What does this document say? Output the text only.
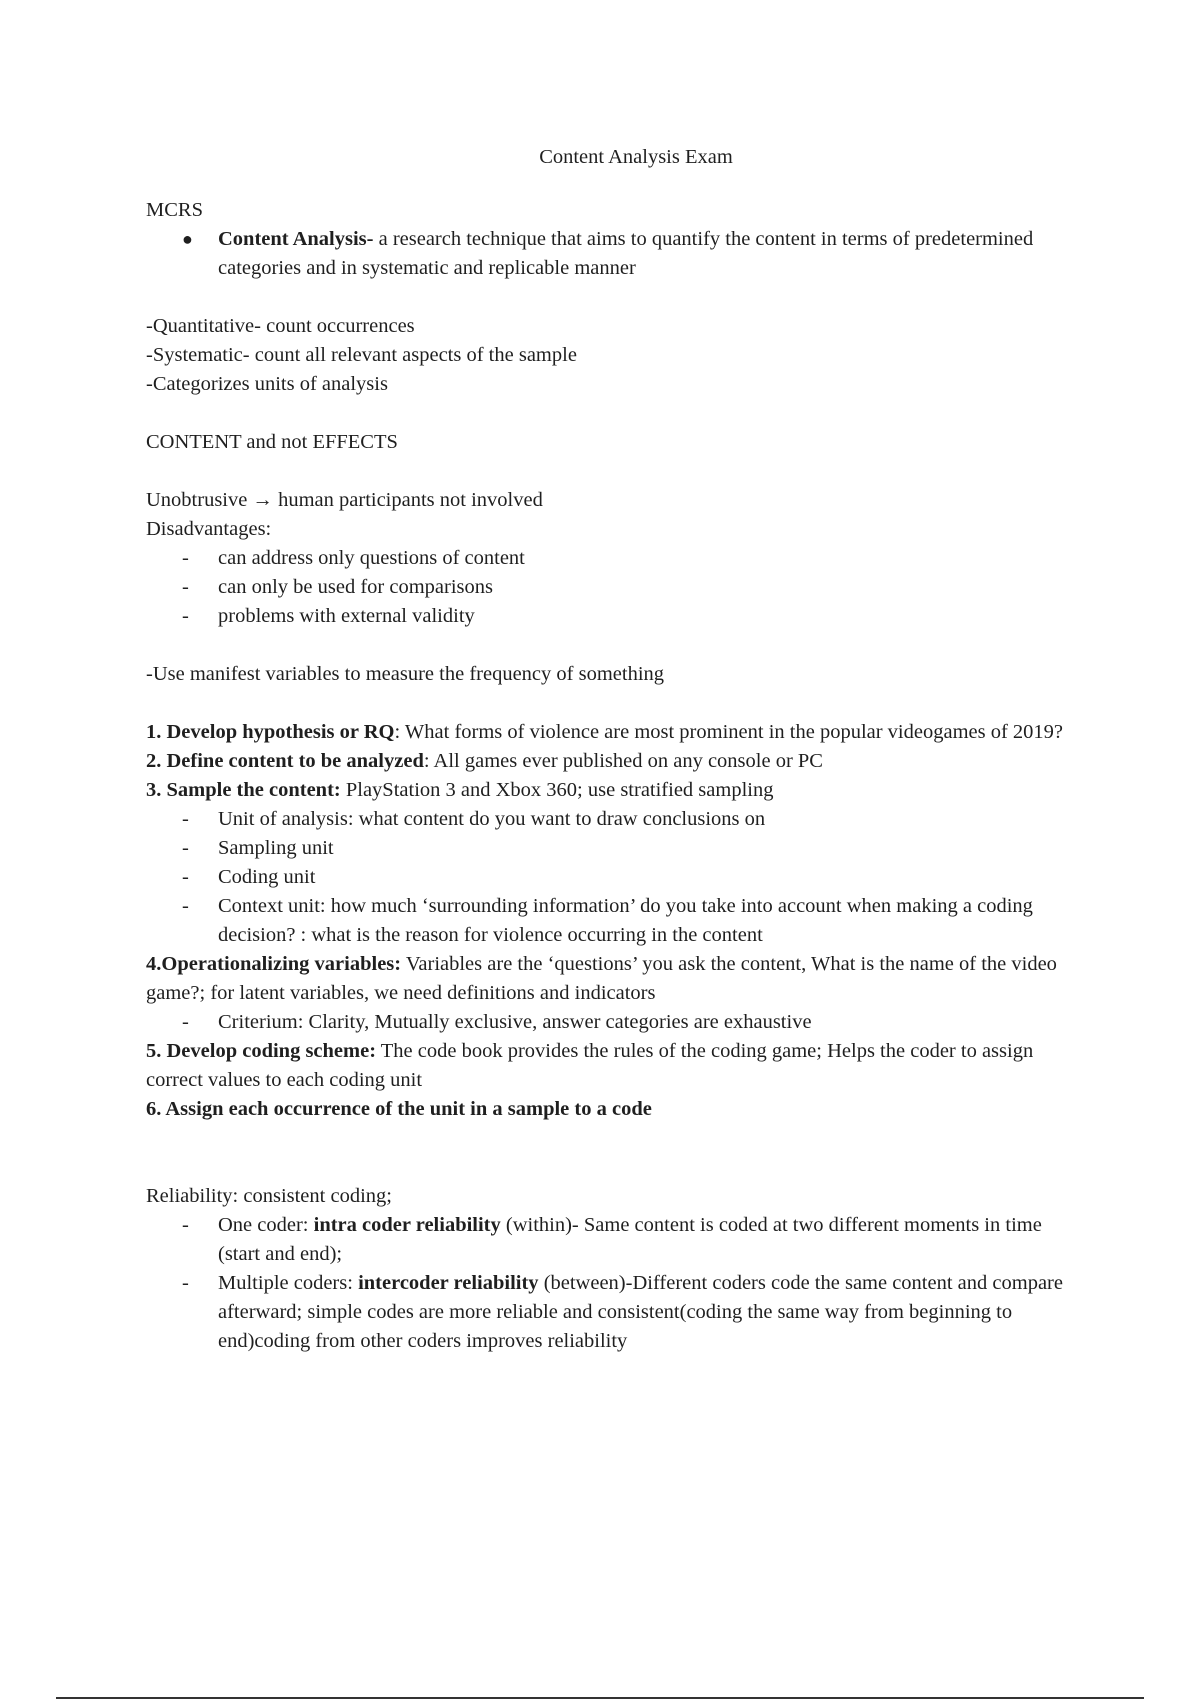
Content Analysis Exam

MCRS

● Content Analysis- a research technique that aims to quantify the content in terms of predetermined categories and in systematic and replicable manner

-Quantitative- count occurrences

-Systematic- count all relevant aspects of the sample

-Categorizes units of analysis

CONTENT and not EFFECTS

Unobtrusive → human participants not involved

Disadvantages:

- can address only questions of content
- can only be used for comparisons
- problems with external validity

-Use manifest variables to measure the frequency of something

1. Develop hypothesis or RQ: What forms of violence are most prominent in the popular videogames of 2019?

2. Define content to be analyzed: All games ever published on any console or PC

3. Sample the content: PlayStation 3 and Xbox 360; use stratified sampling

- Unit of analysis: what content do you want to draw conclusions on
- Sampling unit
- Coding unit
- Context unit: how much ‘surrounding information’ do you take into account when making a coding decision? : what is the reason for violence occurring in the content

4.Operationalizing variables: Variables are the ‘questions’ you ask the content, What is the name of the video game?; for latent variables, we need definitions and indicators

- Criterium: Clarity, Mutually exclusive, answer categories are exhaustive

5. Develop coding scheme: The code book provides the rules of the coding game; Helps the coder to assign correct values to each coding unit

6. Assign each occurrence of the unit in a sample to a code

Reliability: consistent coding;

- One coder: intra coder reliability (within)- Same content is coded at two different moments in time (start and end);
- Multiple coders: intercoder reliability (between)-Different coders code the same content and compare afterward; simple codes are more reliable and consistent(coding the same way from beginning to end)coding from other coders improves reliability
